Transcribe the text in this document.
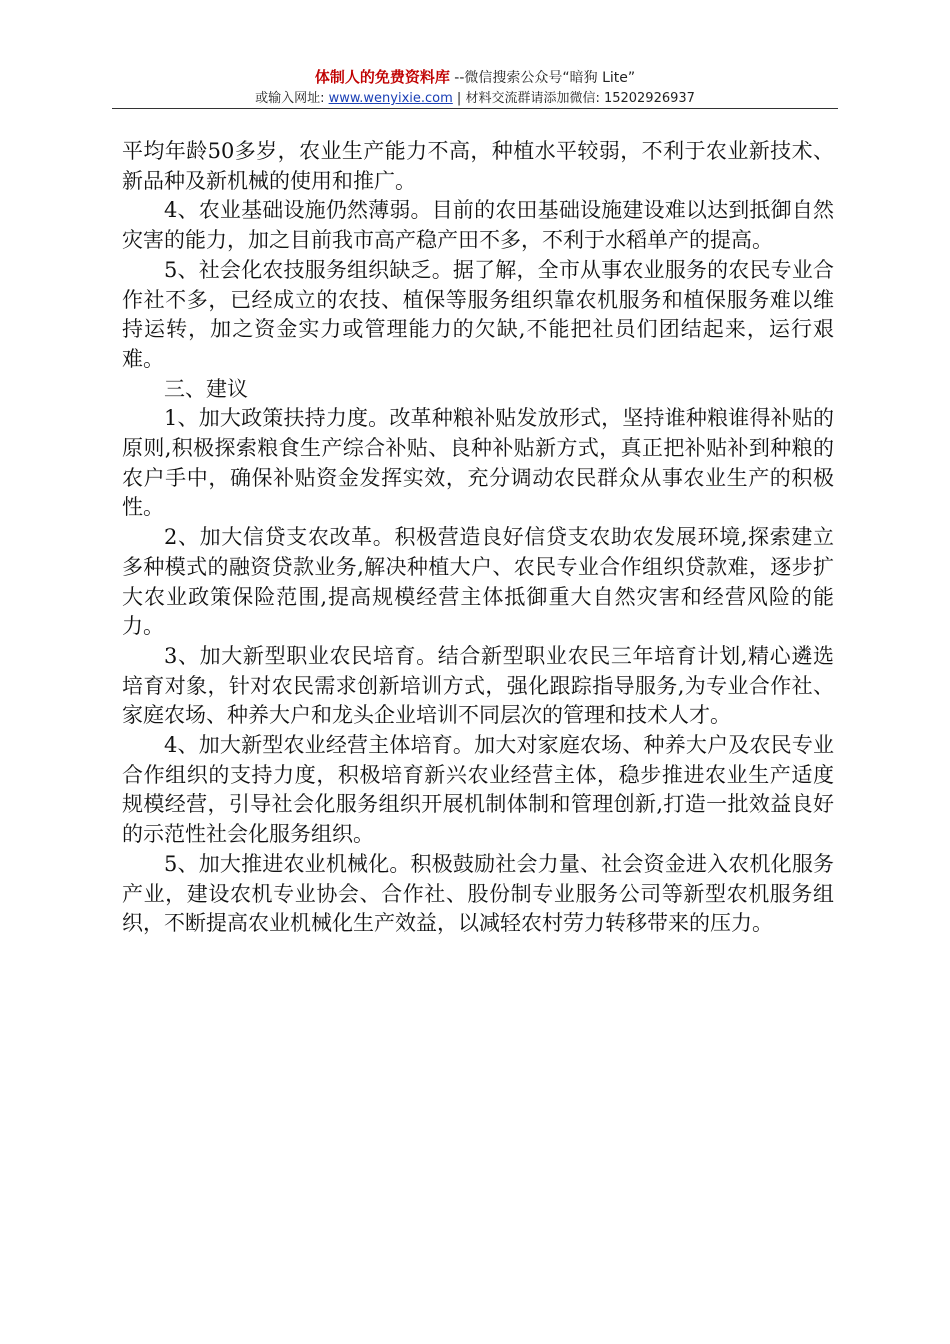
体制人的免费资料库 --微信搜索公众号“暗狗 Lite”
或输入网址: www.wenyixie.com | 材料交流群请添加微信: 15202926937

平均年龄50多岁，农业生产能力不高，种植水平较弱，不利于农业新技术、新品种及新机械的使用和推广。

4、农业基础设施仍然薄弱。目前的农田基础设施建设难以达到抵御自然灾害的能力，加之目前我市高产稳产田不多，不利于水稻单产的提高。

5、社会化农技服务组织缺乏。据了解，全市从事农业服务的农民专业合作社不多，已经成立的农技、植保等服务组织靠农机服务和植保服务难以维持运转，加之资金实力或管理能力的欠缺,不能把社员们团结起来，运行艰难。

三、建议

1、加大政策扶持力度。改革种粮补贴发放形式，坚持谁种粮谁得补贴的原则,积极探索粮食生产综合补贴、良种补贴新方式，真正把补贴补到种粮的农户手中，确保补贴资金发挥实效，充分调动农民群众从事农业生产的积极性。

2、加大信贷支农改革。积极营造良好信贷支农助农发展环境,探索建立多种模式的融资贷款业务,解决种植大户、农民专业合作组织贷款难，逐步扩大农业政策保险范围,提高规模经营主体抵御重大自然灾害和经营风险的能力。

3、加大新型职业农民培育。结合新型职业农民三年培育计划,精心遴选培育对象，针对农民需求创新培训方式，强化跟踪指导服务,为专业合作社、家庭农场、种养大户和龙头企业培训不同层次的管理和技术人才。

4、加大新型农业经营主体培育。加大对家庭农场、种养大户及农民专业合作组织的支持力度，积极培育新兴农业经营主体，稳步推进农业生产适度规模经营，引导社会化服务组织开展机制体制和管理创新,打造一批效益良好的示范性社会化服务组织。

5、加大推进农业机械化。积极鼓励社会力量、社会资金进入农机化服务产业，建设农机专业协会、合作社、股份制专业服务公司等新型农机服务组织，不断提高农业机械化生产效益，以减轻农村劳力转移带来的压力。
